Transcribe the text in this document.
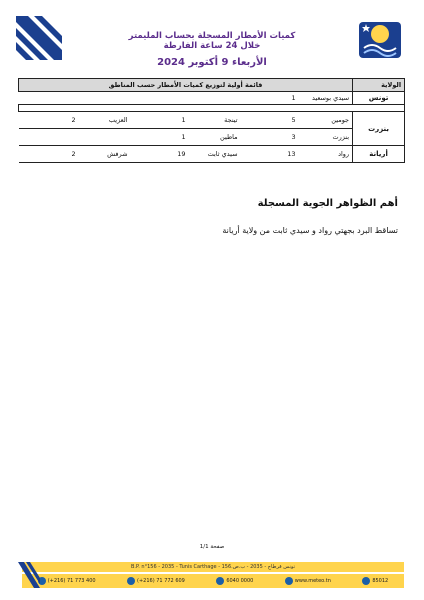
كميات الأمطار المسجلة بحساب المليمتر
خلال 24 ساعة الفارطة
الأربعاء 9 أكتوبر 2024
الولاية	قائمة أولية لتوزيع كميات الأمطار حسب المناطق					
تونس	سيدي بوسعيد	1				

بنزرت	جومين	5	تينجة	1	العزيب	2
	بنزرت	3	ماطين	1		
أريانة	رواد	13	سيدي ثابت	19	شرفش	2
أهم الظواهر الجوية المسجلة
تساقط البرد بجهتي رواد و سيدي ثابت من ولاية أريانة
صفحة 1/1
B.P. n°156 - 2035 - Tunis Carthage - تونس قرطاج - 2035 - ب.ص.156
(+216) 71 773 400	(+216) 71 772 609	6040 0000	www.meteo.tn	85012
